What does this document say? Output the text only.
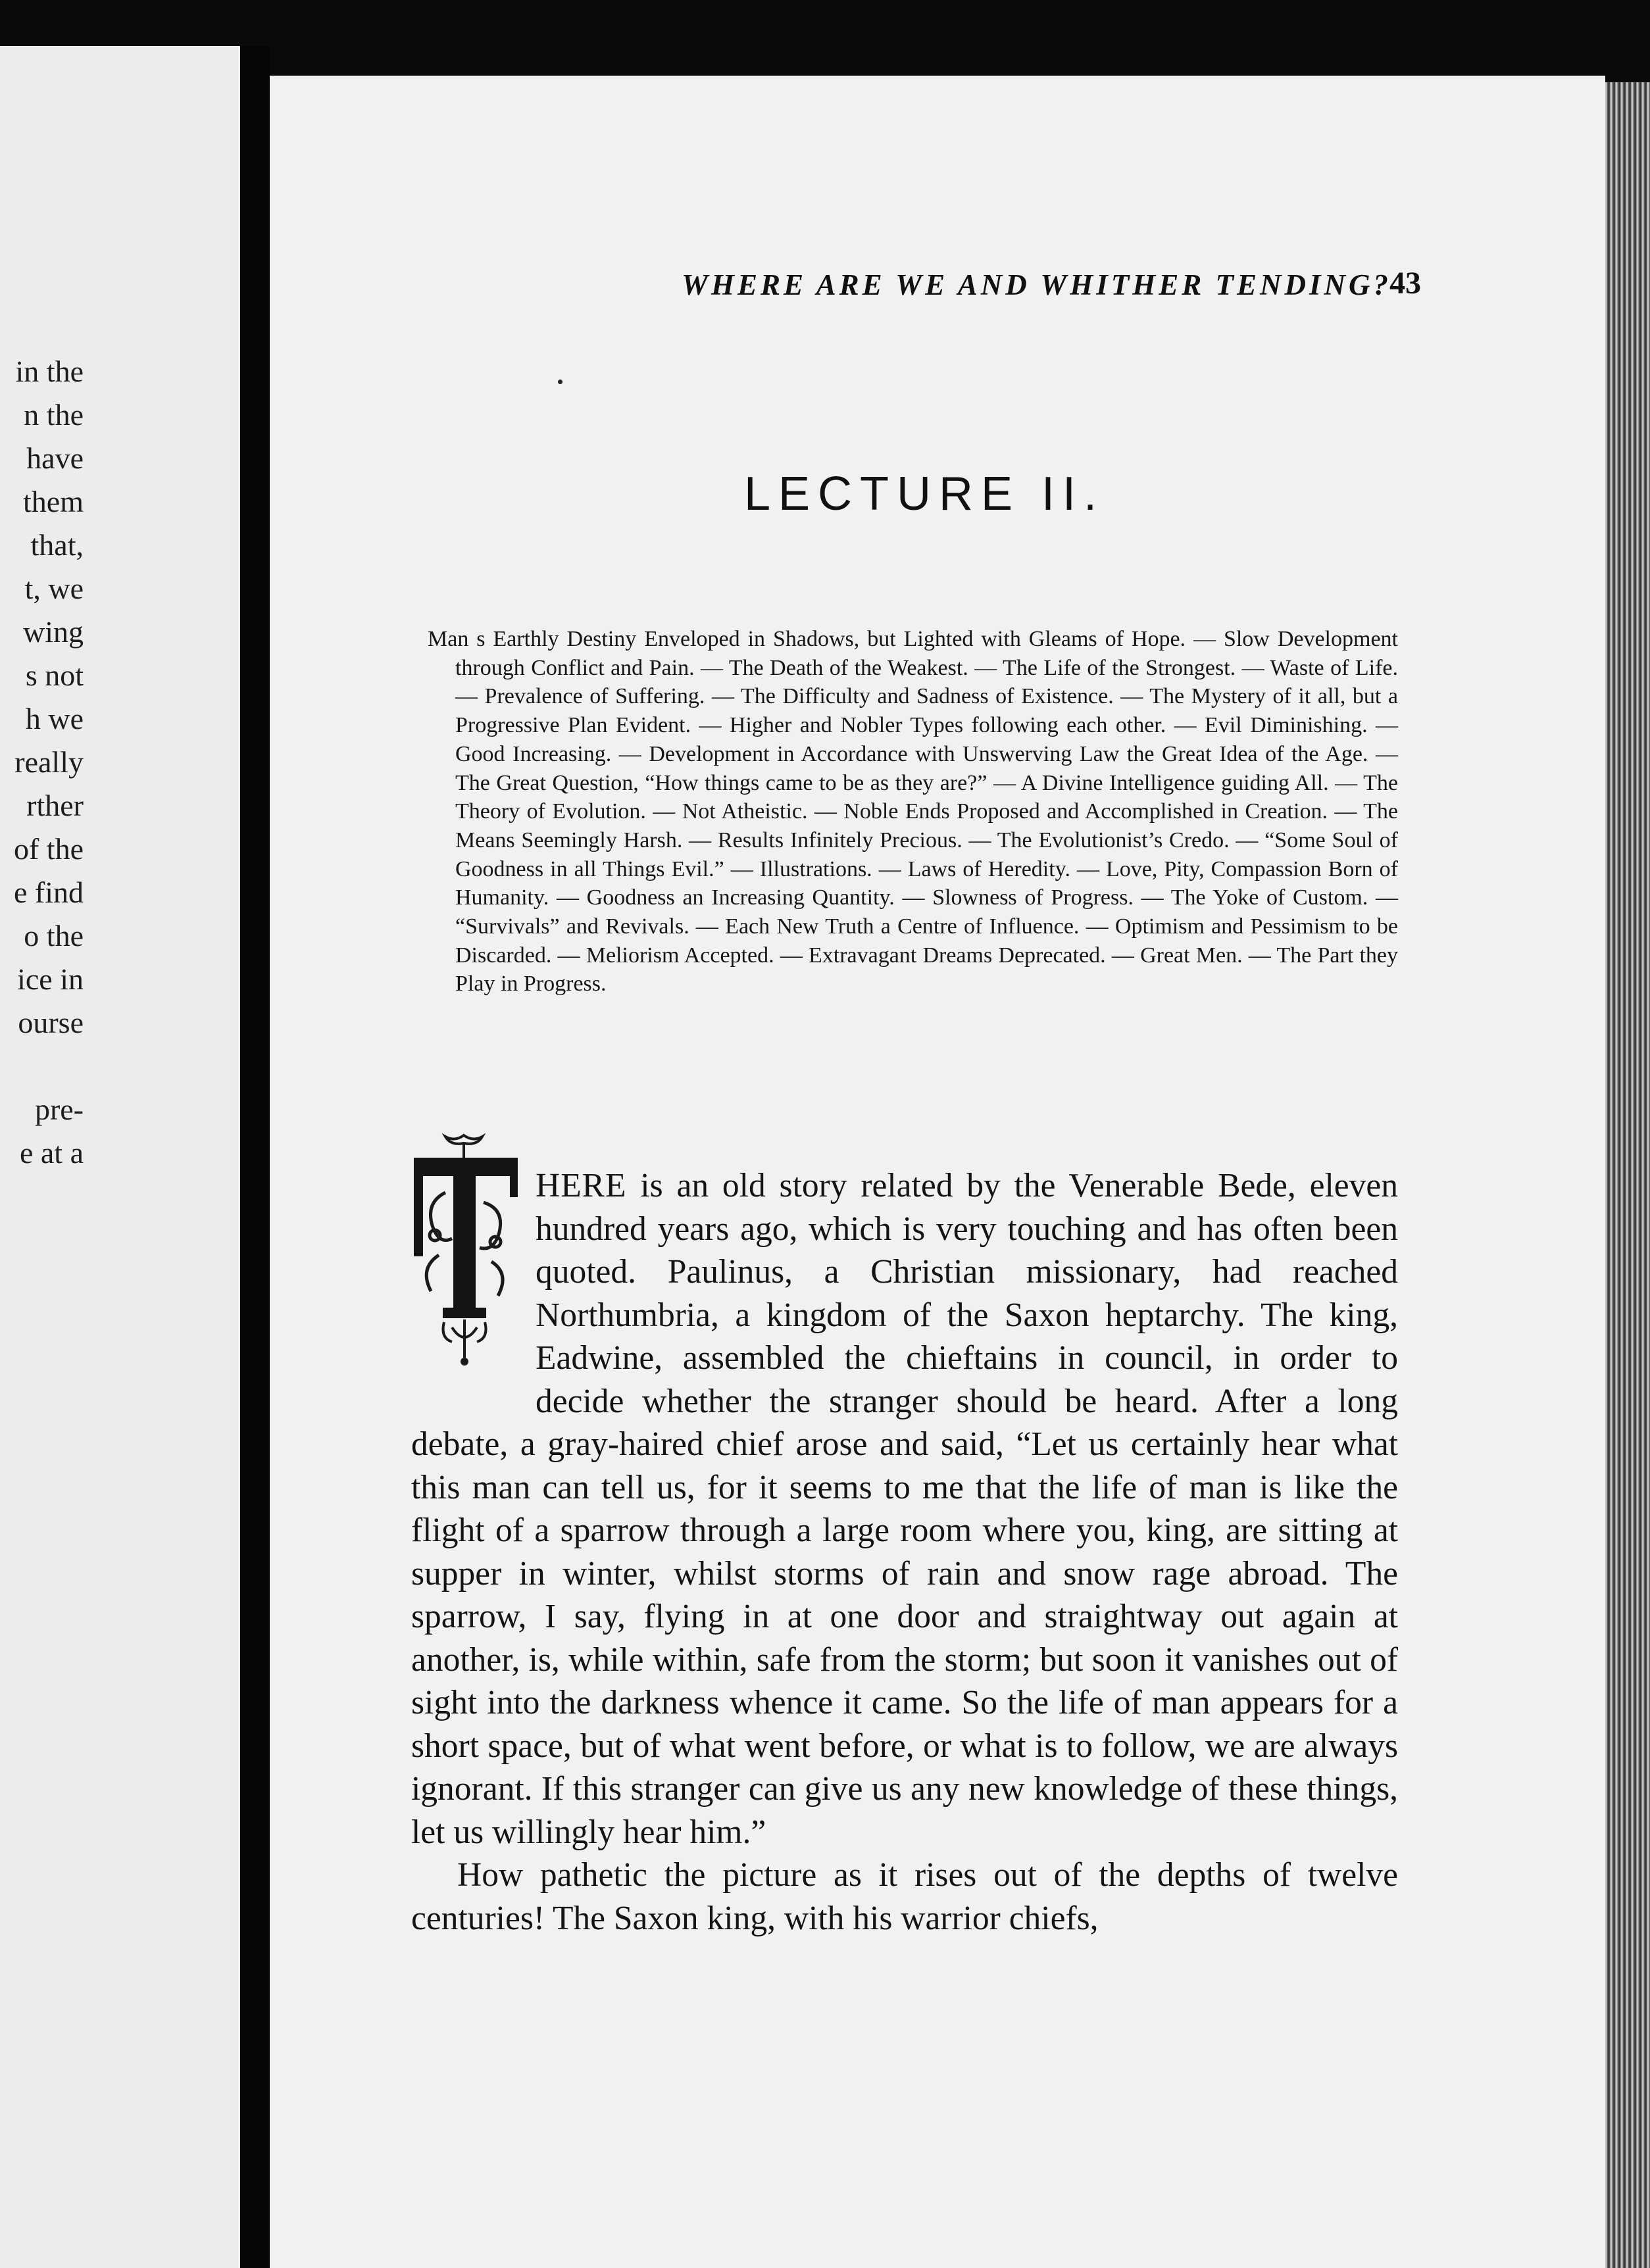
in the
n the
have
them
that,
t, we
wing
s not
h we
really
rther
of the
e find
o the
ice in
ourse
pre-
e at a
WHERE ARE WE AND WHITHER TENDING?
43
LECTURE II.
Man s Earthly Destiny Enveloped in Shadows, but Lighted with Gleams of Hope. — Slow Development through Conflict and Pain. — The Death of the Weakest. — The Life of the Strongest. — Waste of Life. — Prevalence of Suffering. — The Difficulty and Sadness of Existence. — The Mystery of it all, but a Progressive Plan Evident. — Higher and Nobler Types following each other. — Evil Diminishing. — Good Increasing. — Development in Accordance with Unswerving Law the Great Idea of the Age. — The Great Question, “How things came to be as they are?” — A Divine Intelligence guiding All. — The Theory of Evolution. — Not Atheistic. — Noble Ends Proposed and Accomplished in Creation. — The Means Seemingly Harsh. — Results Infinitely Precious. — The Evolutionist’s Credo. — “Some Soul of Goodness in all Things Evil.” — Illustrations. — Laws of Heredity. — Love, Pity, Compassion Born of Humanity. — Goodness an Increasing Quantity. — Slowness of Progress. — The Yoke of Custom. — “Survivals” and Revivals. — Each New Truth a Centre of Influence. — Optimism and Pessimism to be Discarded. — Meliorism Accepted. — Extravagant Dreams Deprecated. — Great Men. — The Part they Play in Progress.

HERE is an old story related by the Venerable Bede, eleven hundred years ago, which is very touching and has often been quoted. Paulinus, a Christian missionary, had reached Northumbria, a kingdom of the Saxon heptarchy. The king, Eadwine, assembled the chieftains in council, in order to decide whether the stranger should be heard. After a long debate, a gray-haired chief arose and said, “Let us certainly hear what this man can tell us, for it seems to me that the life of man is like the flight of a sparrow through a large room where you, king, are sitting at supper in winter, whilst storms of rain and snow rage abroad. The sparrow, I say, flying in at one door and straightway out again at another, is, while within, safe from the storm; but soon it vanishes out of sight into the darkness whence it came. So the life of man appears for a short space, but of what went before, or what is to follow, we are always ignorant. If this stranger can give us any new knowledge of these things, let us willingly hear him.”

How pathetic the picture as it rises out of the depths of twelve centuries! The Saxon king, with his warrior chiefs,
